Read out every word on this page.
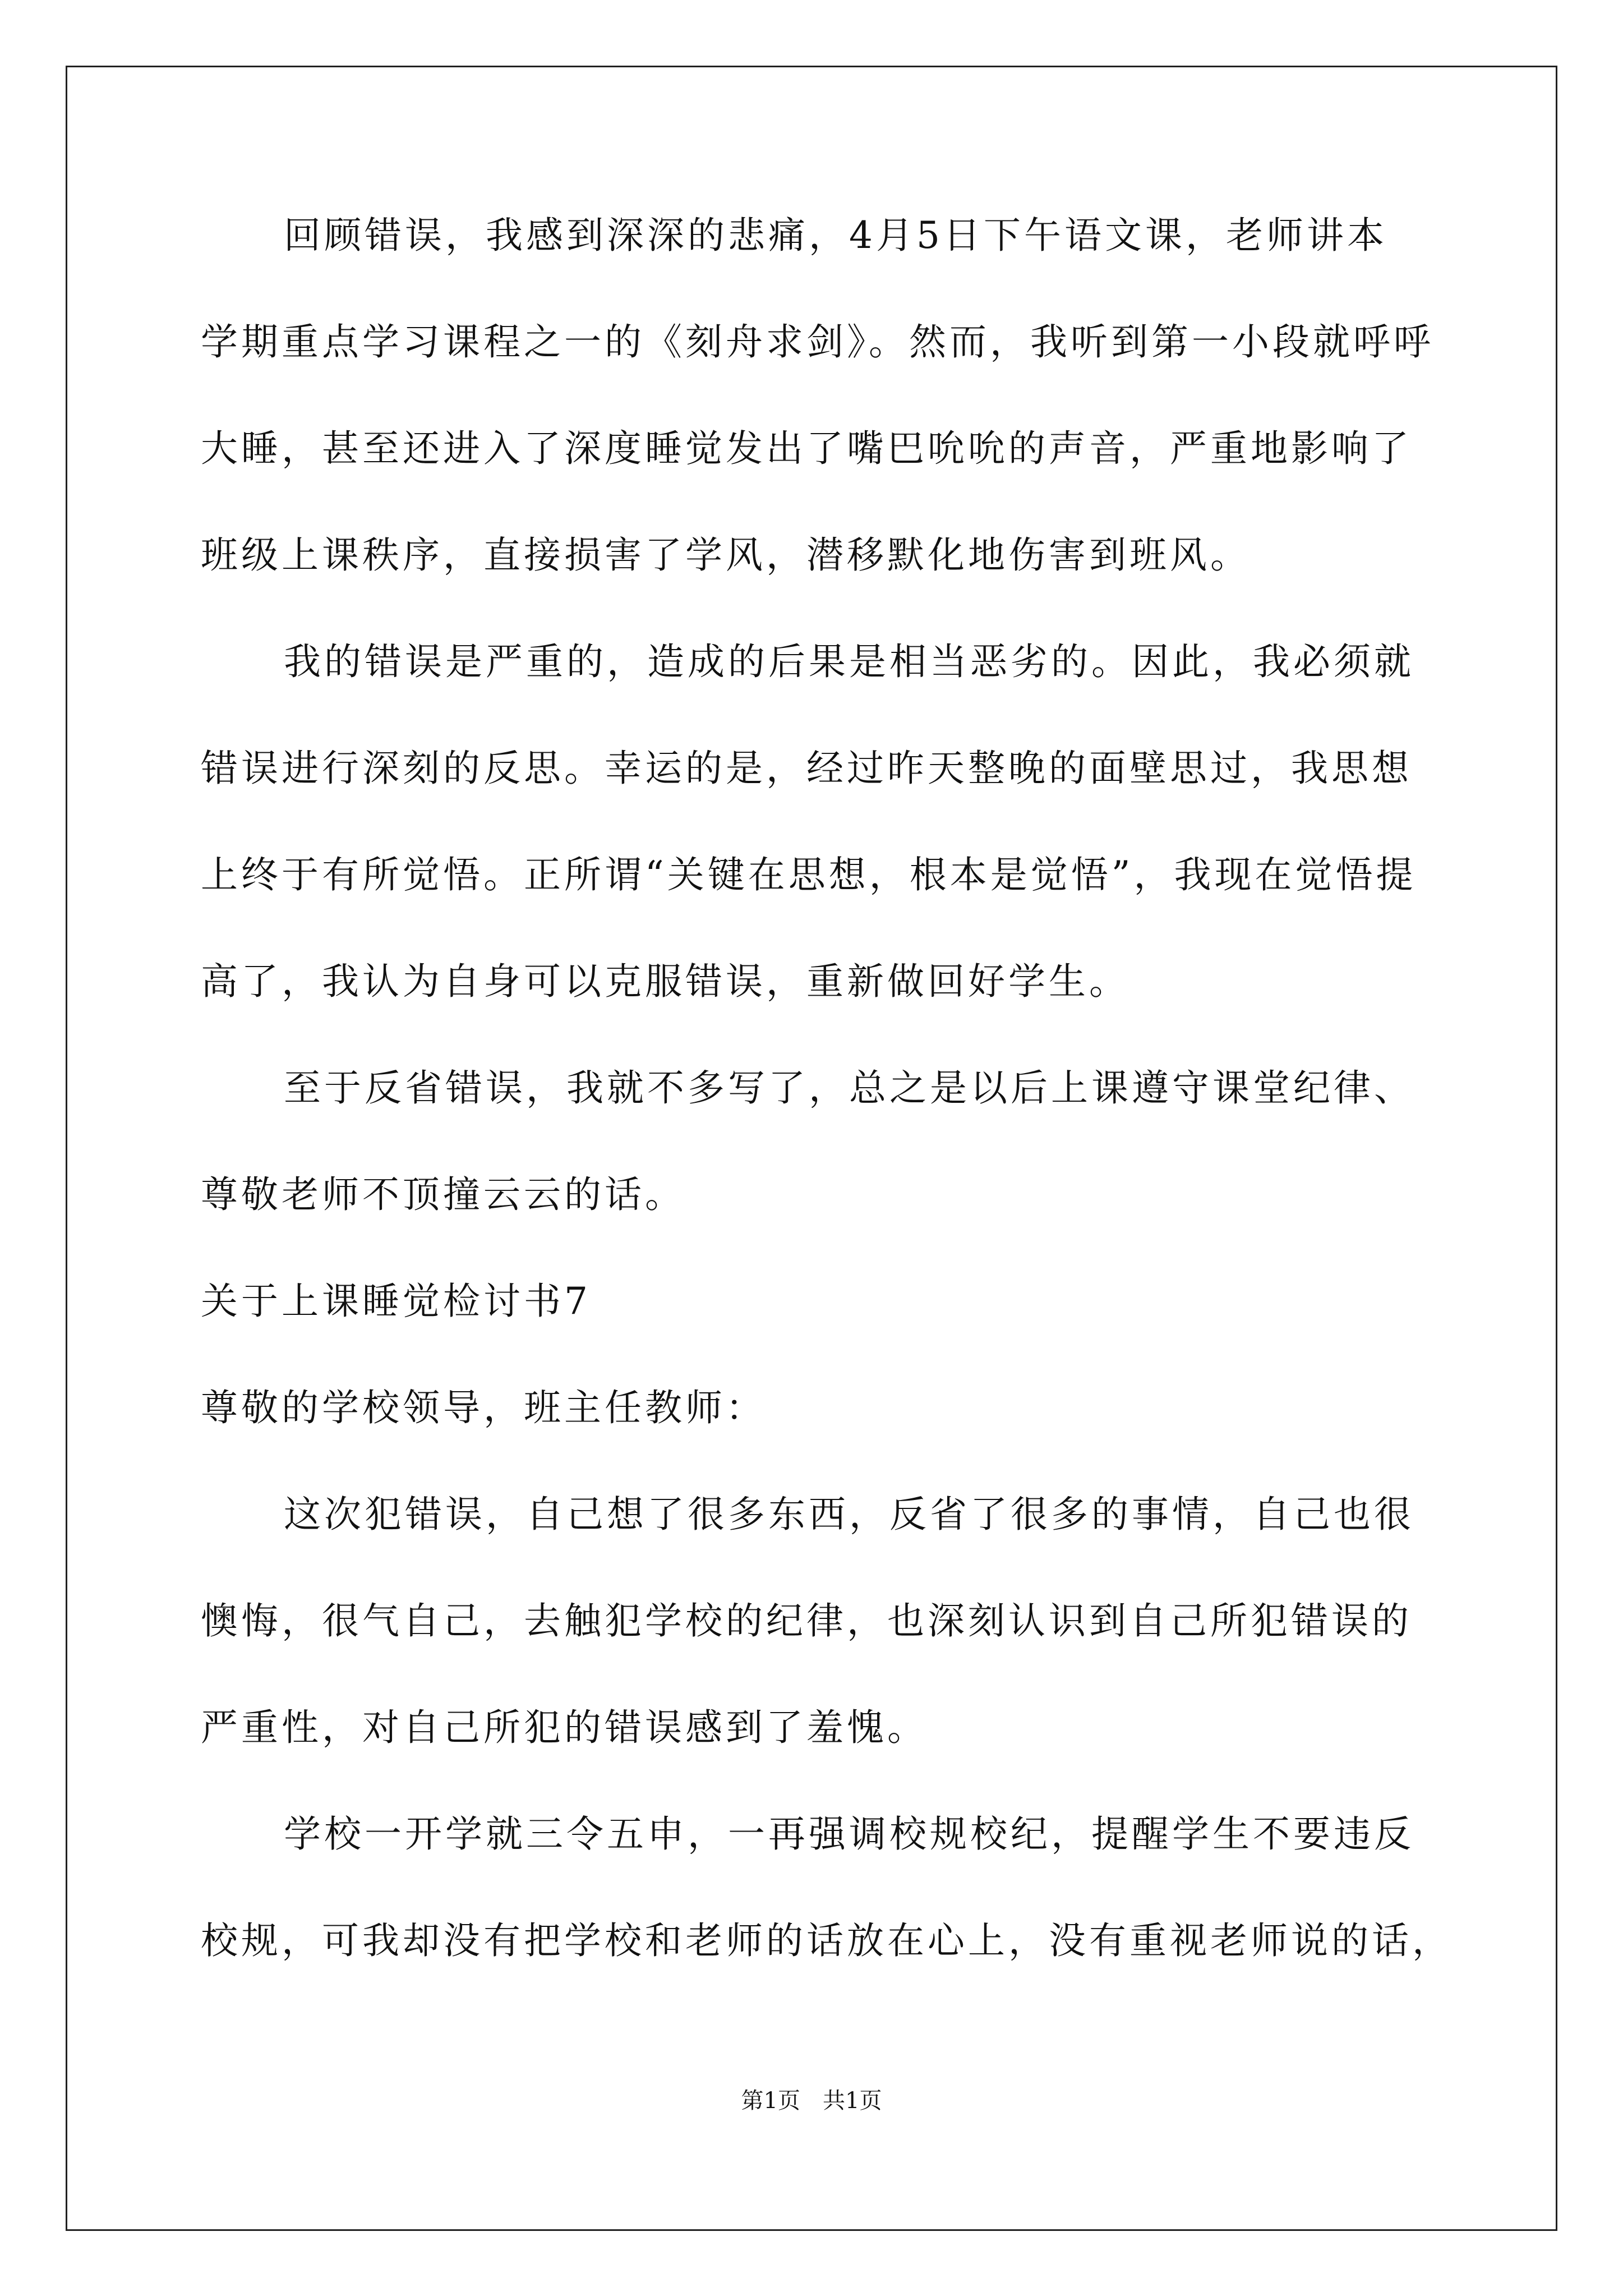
回顾错误，我感到深深的悲痛，4月5日下午语文课，老师讲本
学期重点学习课程之一的《刻舟求剑》。然而，我听到第一小段就呼呼
大睡，甚至还进入了深度睡觉发出了嘴巴吮吮的声音，严重地影响了
班级上课秩序，直接损害了学风，潜移默化地伤害到班风。
我的错误是严重的，造成的后果是相当恶劣的。因此，我必须就
错误进行深刻的反思。幸运的是，经过昨天整晚的面壁思过，我思想
上终于有所觉悟。正所谓“关键在思想，根本是觉悟”，我现在觉悟提
高了，我认为自身可以克服错误，重新做回好学生。
至于反省错误，我就不多写了，总之是以后上课遵守课堂纪律、
尊敬老师不顶撞云云的话。
关于上课睡觉检讨书7
尊敬的学校领导，班主任教师：
这次犯错误，自己想了很多东西，反省了很多的事情，自己也很
懊悔，很气自己，去触犯学校的纪律，也深刻认识到自己所犯错误的
严重性，对自己所犯的错误感到了羞愧。
学校一开学就三令五申，一再强调校规校纪，提醒学生不要违反
校规，可我却没有把学校和老师的话放在心上，没有重视老师说的话，
第1页　共1页
